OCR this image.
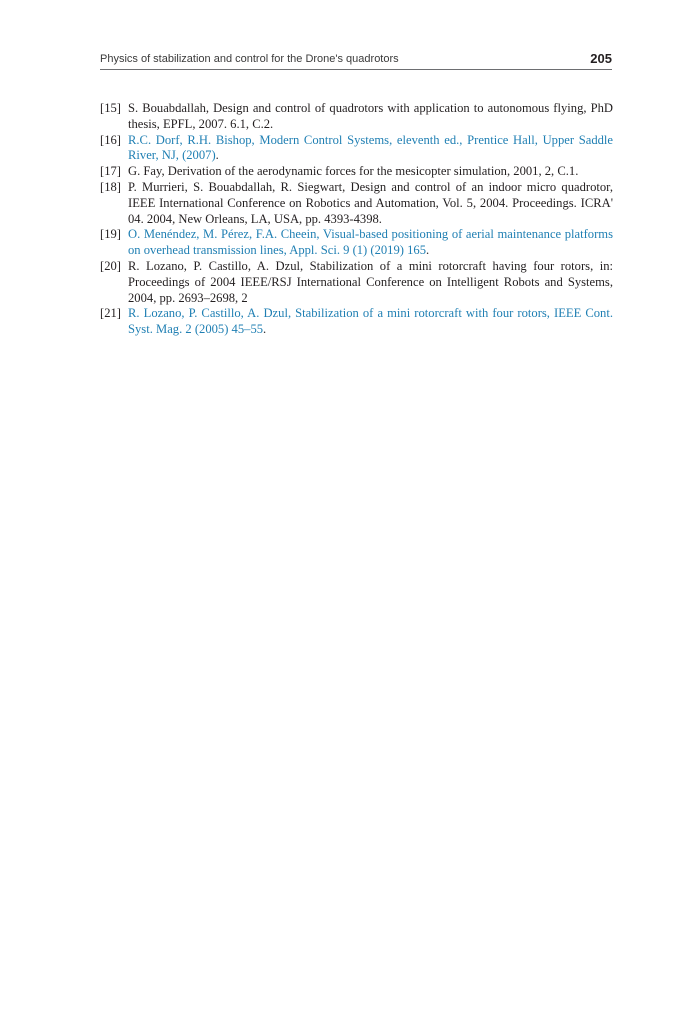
Physics of stabilization and control for the Drone's quadrotors	205
[15] S. Bouabdallah, Design and control of quadrotors with application to autonomous flying, PhD thesis, EPFL, 2007. 6.1, C.2.
[16] R.C. Dorf, R.H. Bishop, Modern Control Systems, eleventh ed., Prentice Hall, Upper Saddle River, NJ, (2007).
[17] G. Fay, Derivation of the aerodynamic forces for the mesicopter simulation, 2001, 2, C.1.
[18] P. Murrieri, S. Bouabdallah, R. Siegwart, Design and control of an indoor micro quadrotor, IEEE International Conference on Robotics and Automation, Vol. 5, 2004. Proceedings. ICRA' 04. 2004, New Orleans, LA, USA, pp. 4393-4398.
[19] O. Menéndez, M. Pérez, F.A. Cheein, Visual-based positioning of aerial maintenance platforms on overhead transmission lines, Appl. Sci. 9 (1) (2019) 165.
[20] R. Lozano, P. Castillo, A. Dzul, Stabilization of a mini rotorcraft having four rotors, in: Proceedings of 2004 IEEE/RSJ International Conference on Intelligent Robots and Systems, 2004, pp. 2693–2698, 2
[21] R. Lozano, P. Castillo, A. Dzul, Stabilization of a mini rotorcraft with four rotors, IEEE Cont. Syst. Mag. 2 (2005) 45–55.
